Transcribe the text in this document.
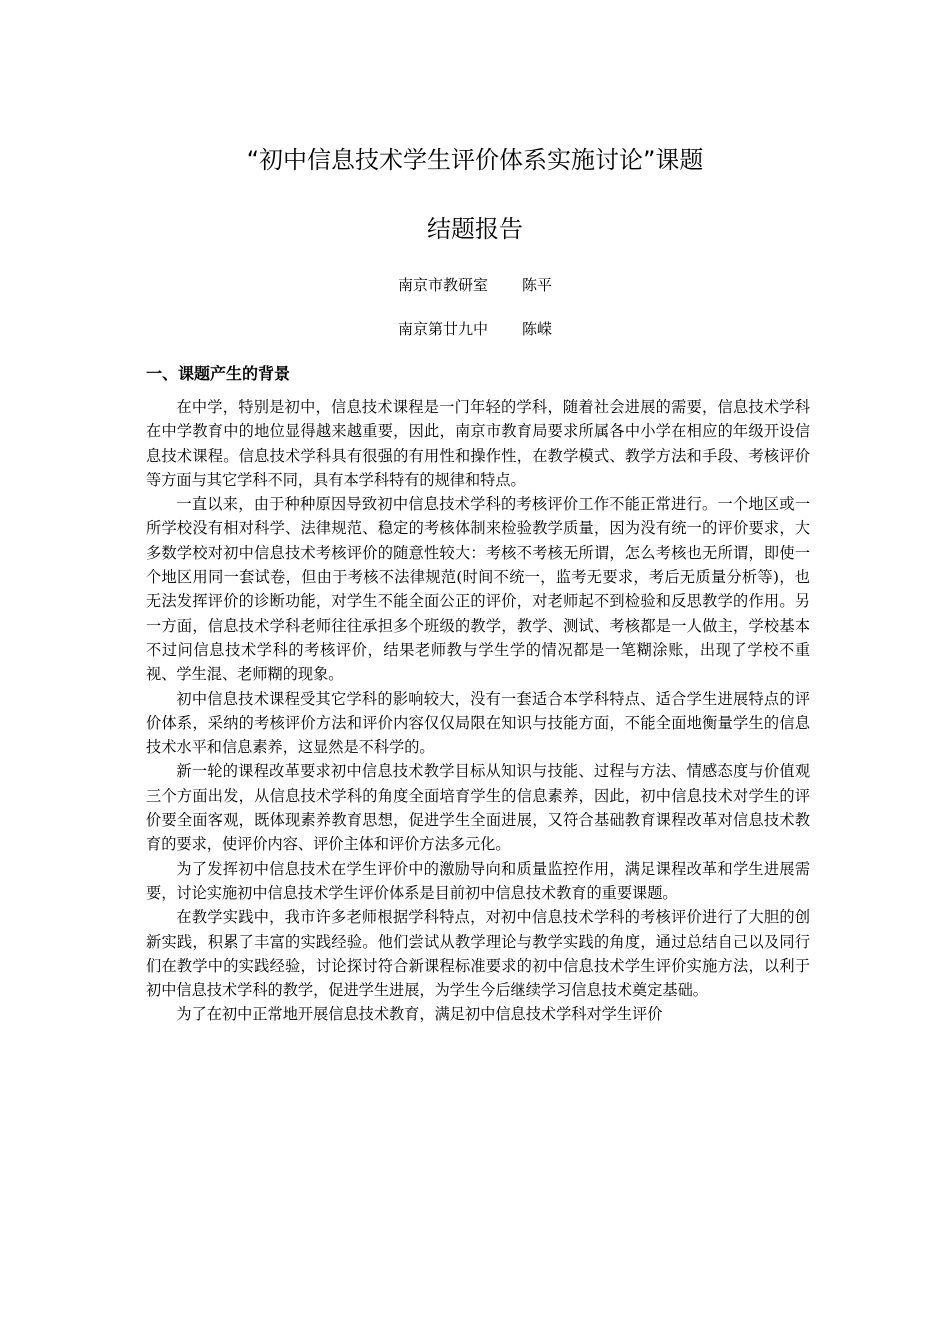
“初中信息技术学生评价体系实施讨论”课题
结题报告

南京市教研室 陈平

南京第廿九中 陈嵘

一、课题产生的背景

在中学，特别是初中，信息技术课程是一门年轻的学科，随着社会进展的需要，信息技术学科在中学教育中的地位显得越来越重要，因此，南京市教育局要求所属各中小学在相应的年级开设信息技术课程。信息技术学科具有很强的有用性和操作性，在教学模式、教学方法和手段、考核评价等方面与其它学科不同，具有本学科特有的规律和特点。

一直以来，由于种种原因导致初中信息技术学科的考核评价工作不能正常进行。一个地区或一所学校没有相对科学、法律规范、稳定的考核体制来检验教学质量，因为没有统一的评价要求，大多数学校对初中信息技术考核评价的随意性较大：考核不考核无所谓，怎么考核也无所谓，即使一个地区用同一套试卷，但由于考核不法律规范(时间不统一，监考无要求，考后无质量分析等)，也无法发挥评价的诊断功能，对学生不能全面公正的评价，对老师起不到检验和反思教学的作用。另一方面，信息技术学科老师往往承担多个班级的教学，教学、测试、考核都是一人做主，学校基本不过问信息技术学科的考核评价，结果老师教与学生学的情况都是一笔糊涂账，出现了学校不重视、学生混、老师糊的现象。

初中信息技术课程受其它学科的影响较大，没有一套适合本学科特点、适合学生进展特点的评价体系，采纳的考核评价方法和评价内容仅仅局限在知识与技能方面，不能全面地衡量学生的信息技术水平和信息素养，这显然是不科学的。

新一轮的课程改革要求初中信息技术教学目标从知识与技能、过程与方法、情感态度与价值观三个方面出发，从信息技术学科的角度全面培育学生的信息素养，因此，初中信息技术对学生的评价要全面客观，既体现素养教育思想，促进学生全面进展，又符合基础教育课程改革对信息技术教育的要求，使评价内容、评价主体和评价方法多元化。

为了发挥初中信息技术在学生评价中的激励导向和质量监控作用，满足课程改革和学生进展需要，讨论实施初中信息技术学生评价体系是目前初中信息技术教育的重要课题。

在教学实践中，我市许多老师根据学科特点，对初中信息技术学科的考核评价进行了大胆的创新实践，积累了丰富的实践经验。他们尝试从教学理论与教学实践的角度，通过总结自己以及同行们在教学中的实践经验，讨论探讨符合新课程标准要求的初中信息技术学生评价实施方法，以利于初中信息技术学科的教学，促进学生进展，为学生今后继续学习信息技术奠定基础。

为了在初中正常地开展信息技术教育，满足初中信息技术学科对学生评价
